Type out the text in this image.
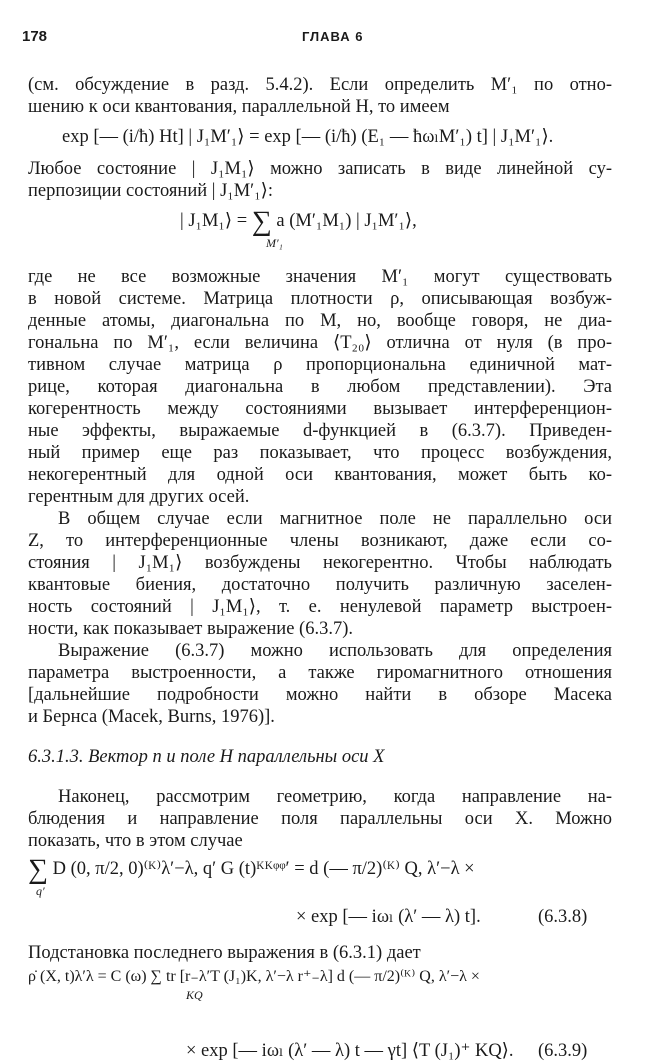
178	ГЛАВА 6
(см. обсуждение в разд. 5.4.2). Если определить M′₁ по отно-
шению к оси квантования, параллельной H, то имеем
exp [— (i/ħ) Ht] | J₁M′₁⟩ = exp [— (i/ħ) (E₁ — ħωₗM′₁) t] | J₁M′₁⟩.
Любое состояние | J₁M₁⟩ можно записать в виде линейной су-
перпозиции состояний | J₁M′₁⟩:
| J₁M₁⟩ = ∑ a (M′₁M₁) | J₁M′₁⟩,
M′₁
где не все возможные значения M′₁ могут существовать
в новой системе. Матрица плотности ρ, описывающая возбуж-
денные атомы, диагональна по M, но, вообще говоря, не диа-
гональна по M′₁, если величина ⟨T₂₀⟩ отлична от нуля (в про-
тивном случае матрица ρ пропорциональна единичной мат-
рице, которая диагональна в любом представлении). Эта
когерентность между состояниями вызывает интерференцион-
ные эффекты, выражаемые d-функцией в (6.3.7). Приведен-
ный пример еще раз показывает, что процесс возбуждения,
некогерентный для одной оси квантования, может быть ко-
герентным для других осей.
В общем случае если магнитное поле не параллельно оси
Z, то интерференционные члены возникают, даже если со-
стояния | J₁M₁⟩ возбуждены некогерентно. Чтобы наблюдать
квантовые биения, достаточно получить различную заселен-
ность состояний | J₁M₁⟩, т. е. ненулевой параметр выстроен-
ности, как показывает выражение (6.3.7).
Выражение (6.3.7) можно использовать для определения
параметра выстроенности, а также гиромагнитного отношения
[дальнейшие подробности можно найти в обзоре Масека
и Бернса (Macek, Burns, 1976)].
6.3.1.3. Вектор n и поле H параллельны оси X
Наконец, рассмотрим геометрию, когда направление на-
блюдения и направление поля параллельны оси X. Можно
показать, что в этом случае
∑ D (0, π/2, 0)⁽ᴷ⁾λ′−λ, q′ G (t)ᴷᴷᵠᵠ′ = d (— π/2)⁽ᴷ⁾ Q, λ′−λ ×
q′
× exp [— iωₗ (λ′ — λ) t].	(6.3.8)
Подстановка последнего выражения в (6.3.1) дает
ρ̇ (X, t)λ′λ = C (ω) ∑ tr [r₋λ′T (J₁)K, λ′−λ r⁺₋λ] d (— π/2)⁽ᴷ⁾ Q, λ′−λ ×
KQ
× exp [— iωₗ (λ′ — λ) t — γt] ⟨T (J₁)⁺ KQ⟩. (6.3.9)
